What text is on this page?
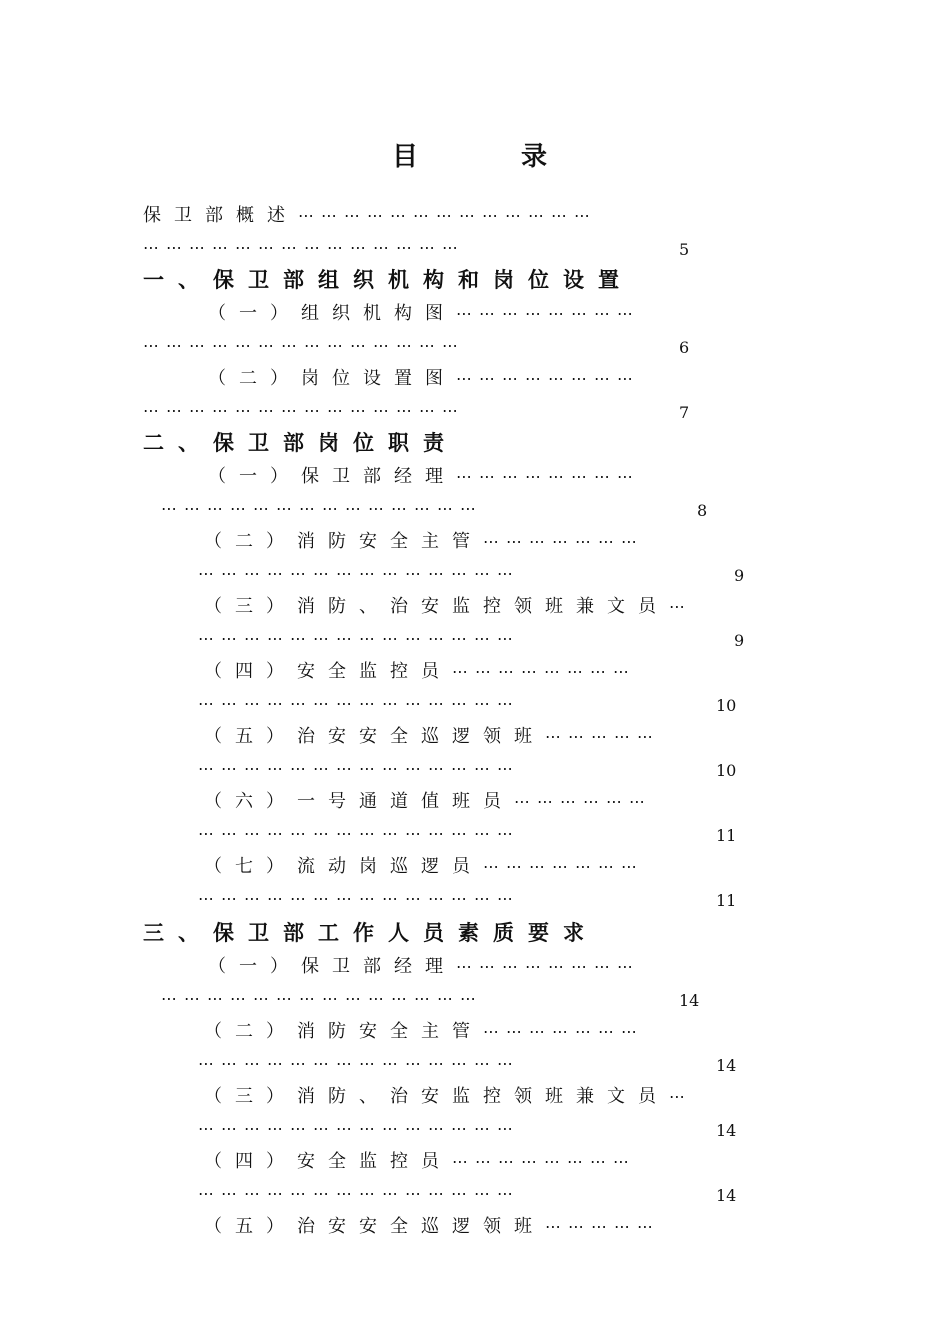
目	录
保卫部概述⋯⋯⋯⋯⋯⋯⋯⋯⋯⋯⋯⋯⋯
⋯⋯⋯⋯⋯⋯⋯⋯⋯⋯⋯⋯⋯⋯	5
一、保卫部组织机构和岗位设置
（一）组织机构图⋯⋯⋯⋯⋯⋯⋯⋯
⋯⋯⋯⋯⋯⋯⋯⋯⋯⋯⋯⋯⋯⋯	6
（二）岗位设置图⋯⋯⋯⋯⋯⋯⋯⋯
⋯⋯⋯⋯⋯⋯⋯⋯⋯⋯⋯⋯⋯⋯	7
二、保卫部岗位职责
（一）保卫部经理⋯⋯⋯⋯⋯⋯⋯⋯
⋯⋯⋯⋯⋯⋯⋯⋯⋯⋯⋯⋯⋯⋯	8
（二）消防安全主管⋯⋯⋯⋯⋯⋯⋯
⋯⋯⋯⋯⋯⋯⋯⋯⋯⋯⋯⋯⋯⋯	9
（三）消防、治安监控领班兼文员⋯
⋯⋯⋯⋯⋯⋯⋯⋯⋯⋯⋯⋯⋯⋯	9
（四）安全监控员⋯⋯⋯⋯⋯⋯⋯⋯
⋯⋯⋯⋯⋯⋯⋯⋯⋯⋯⋯⋯⋯⋯	10
（五）治安安全巡逻领班⋯⋯⋯⋯⋯
⋯⋯⋯⋯⋯⋯⋯⋯⋯⋯⋯⋯⋯⋯	10
（六）一号通道值班员⋯⋯⋯⋯⋯⋯
⋯⋯⋯⋯⋯⋯⋯⋯⋯⋯⋯⋯⋯⋯	11
（七）流动岗巡逻员⋯⋯⋯⋯⋯⋯⋯
⋯⋯⋯⋯⋯⋯⋯⋯⋯⋯⋯⋯⋯⋯	11
三、保卫部工作人员素质要求
（一）保卫部经理⋯⋯⋯⋯⋯⋯⋯⋯
⋯⋯⋯⋯⋯⋯⋯⋯⋯⋯⋯⋯⋯⋯	14
（二）消防安全主管⋯⋯⋯⋯⋯⋯⋯
⋯⋯⋯⋯⋯⋯⋯⋯⋯⋯⋯⋯⋯⋯	14
（三）消防、治安监控领班兼文员⋯
⋯⋯⋯⋯⋯⋯⋯⋯⋯⋯⋯⋯⋯⋯	14
（四）安全监控员⋯⋯⋯⋯⋯⋯⋯⋯
⋯⋯⋯⋯⋯⋯⋯⋯⋯⋯⋯⋯⋯⋯	14
（五）治安安全巡逻领班⋯⋯⋯⋯⋯
